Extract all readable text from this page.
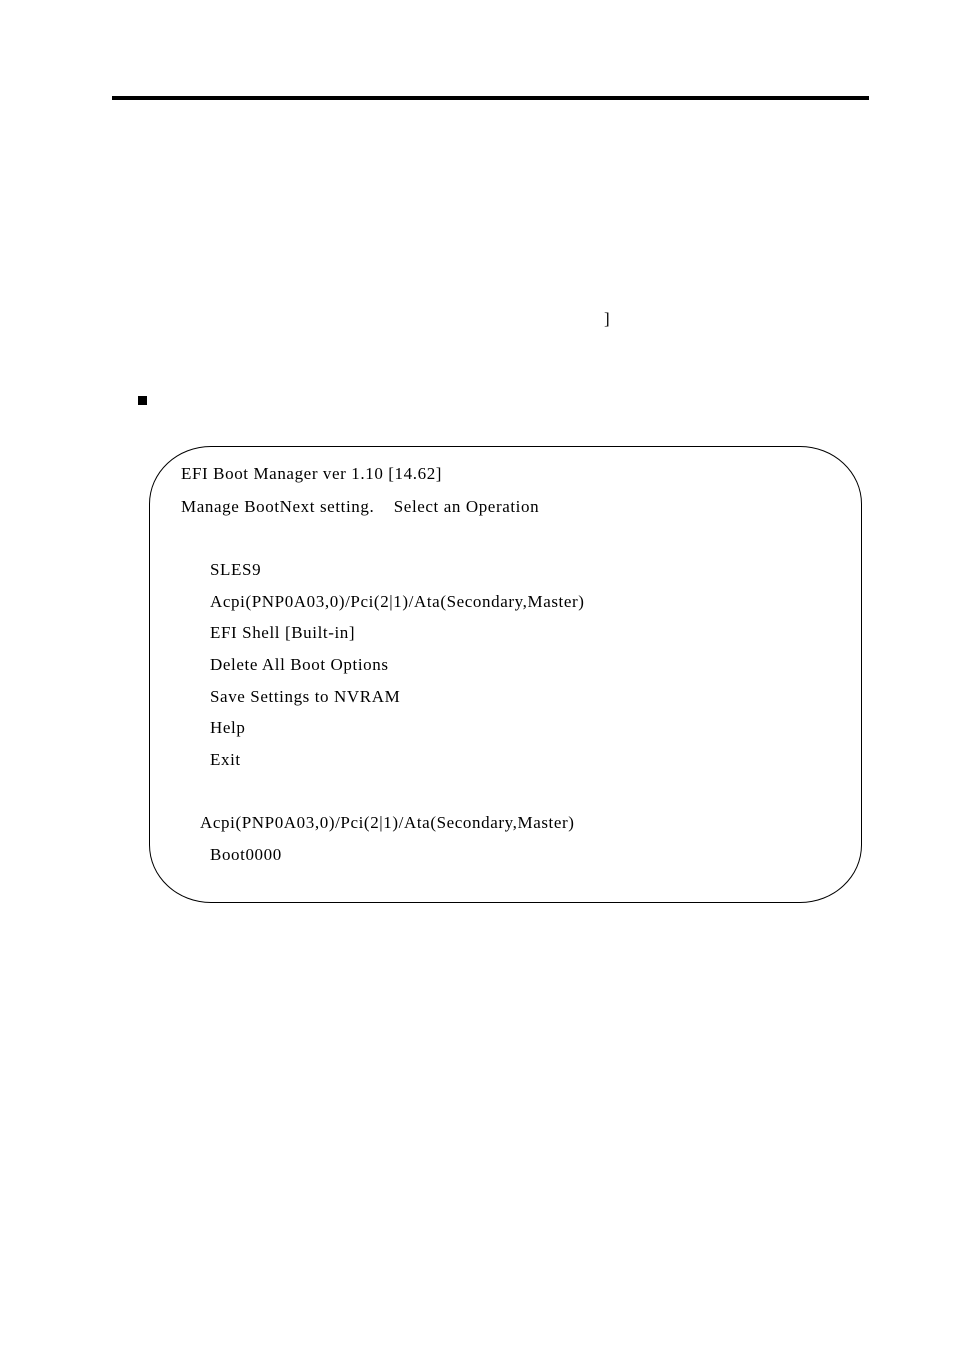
]
EFI Boot Manager ver 1.10 [14.62]
Manage BootNext setting.    Select an Operation
SLES9
Acpi(PNP0A03,0)/Pci(2|1)/Ata(Secondary,Master)
EFI Shell [Built-in]
Delete All Boot Options
Save Settings to NVRAM
Help
Exit
Acpi(PNP0A03,0)/Pci(2|1)/Ata(Secondary,Master)
Boot0000
